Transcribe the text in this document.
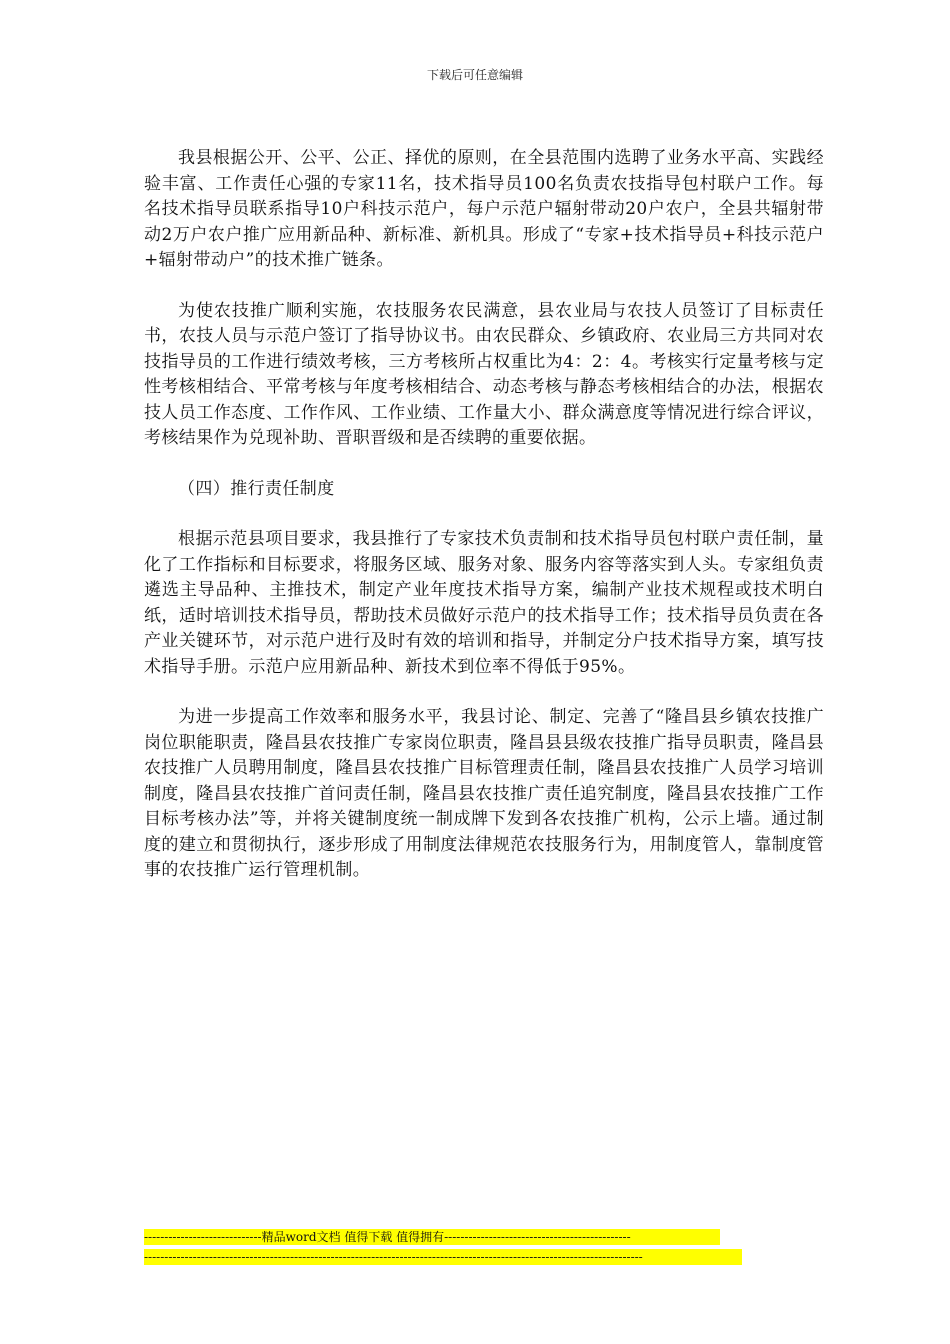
下载后可任意编辑

我县根据公开、公平、公正、择优的原则，在全县范围内选聘了业务水平高、实践经验丰富、工作责任心强的专家11名，技术指导员100名负责农技指导包村联户工作。每名技术指导员联系指导10户科技示范户，每户示范户辐射带动20户农户，全县共辐射带动2万户农户推广应用新品种、新标准、新机具。形成了“专家+技术指导员+科技示范户+辐射带动户”的技术推广链条。

为使农技推广顺利实施，农技服务农民满意，县农业局与农技人员签订了目标责任书，农技人员与示范户签订了指导协议书。由农民群众、乡镇政府、农业局三方共同对农技指导员的工作进行绩效考核，三方考核所占权重比为4：2：4。考核实行定量考核与定性考核相结合、平常考核与年度考核相结合、动态考核与静态考核相结合的办法，根据农技人员工作态度、工作作风、工作业绩、工作量大小、群众满意度等情况进行综合评议，考核结果作为兑现补助、晋职晋级和是否续聘的重要依据。

（四）推行责任制度

根据示范县项目要求，我县推行了专家技术负责制和技术指导员包村联户责任制，量化了工作指标和目标要求，将服务区域、服务对象、服务内容等落实到人头。专家组负责遴选主导品种、主推技术，制定产业年度技术指导方案，编制产业技术规程或技术明白纸，适时培训技术指导员，帮助技术员做好示范户的技术指导工作；技术指导员负责在各产业关键环节，对示范户进行及时有效的培训和指导，并制定分户技术指导方案，填写技术指导手册。示范户应用新品种、新技术到位率不得低于95%。

为进一步提高工作效率和服务水平，我县讨论、制定、完善了“隆昌县乡镇农技推广岗位职能职责，隆昌县农技推广专家岗位职责，隆昌县县级农技推广指导员职责，隆昌县农技推广人员聘用制度，隆昌县农技推广目标管理责任制，隆昌县农技推广人员学习培训制度，隆昌县农技推广首问责任制，隆昌县农技推广责任追究制度，隆昌县农技推广工作目标考核办法”等，并将关键制度统一制成牌下发到各农技推广机构，公示上墙。通过制度的建立和贯彻执行，逐步形成了用制度法律规范农技服务行为，用制度管人，靠制度管事的农技推广运行管理机制。

-----------------------------精品word文档 值得下载 值得拥有----------------------------------------------
---------------------------------------------------------------------------------------------------------------------------
